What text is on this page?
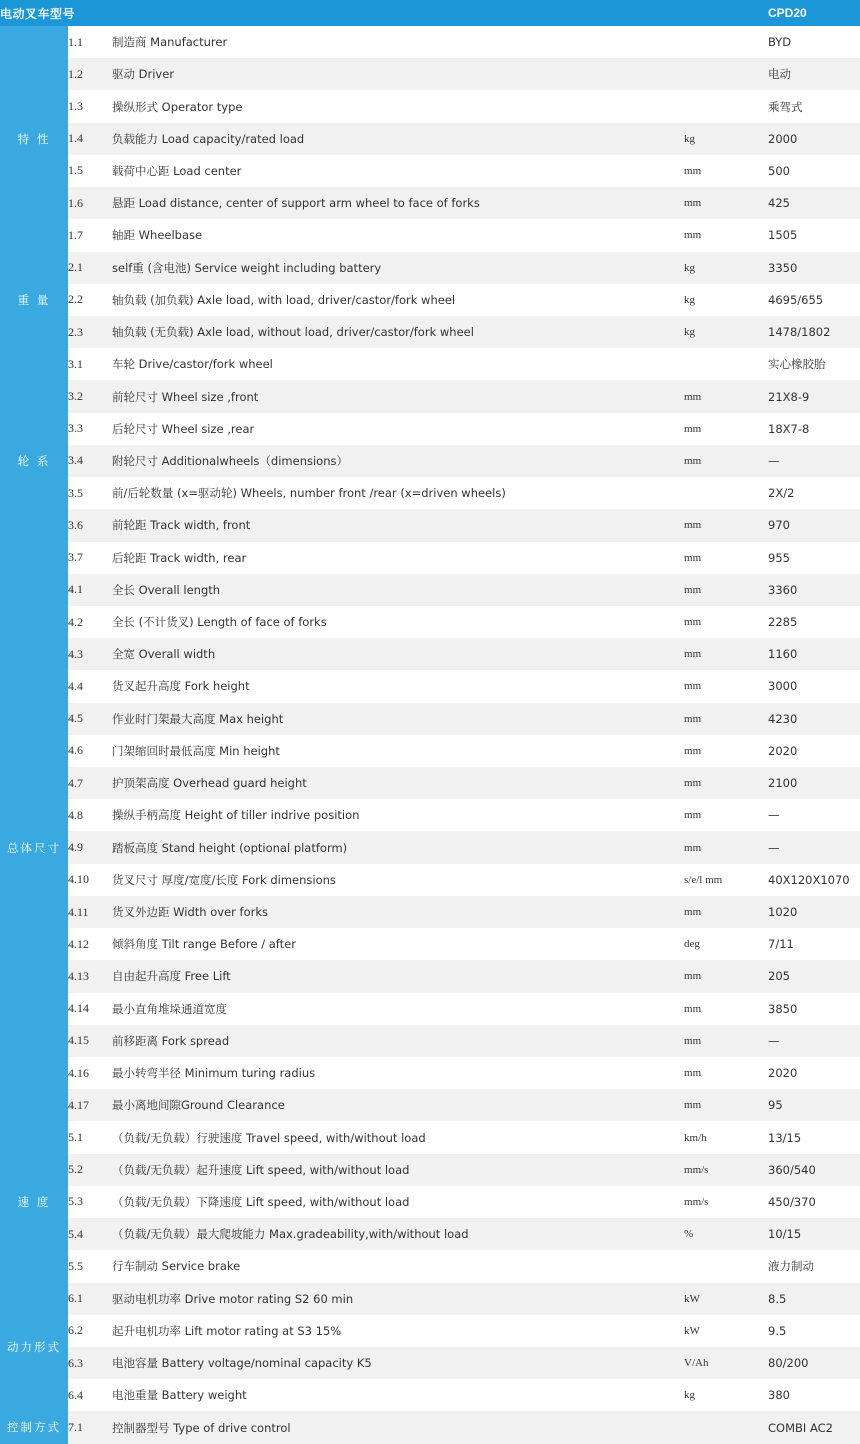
电动叉车型号				CPD20

特 性	1.1	制造商 Manufacturer		BYD
	1.2	驱动 Driver		电动
	1.3	操纵形式 Operator type		乘驾式
	1.4	负载能力 Load capacity/rated load	kg	2000
	1.5	载荷中心距 Load center	mm	500
	1.6	悬距 Load distance, center of support arm wheel to face of forks	mm	425
	1.7	轴距 Wheelbase	mm	1505

重 量	2.1	self重 (含电池) Service weight including battery	kg	3350
	2.2	轴负载 (加负载) Axle load, with load, driver/castor/fork wheel	kg	4695/655
	2.3	轴负载 (无负载) Axle load, without load, driver/castor/fork wheel	kg	1478/1802

轮 系	3.1	车轮 Drive/castor/fork wheel		实心橡胶胎
	3.2	前轮尺寸 Wheel size ,front	mm	21X8-9
	3.3	后轮尺寸 Wheel size ,rear	mm	18X7-8
	3.4	附轮尺寸 Additionalwheels（dimensions）	mm	—
	3.5	前/后轮数量 (x=驱动轮) Wheels, number front /rear (x=driven wheels)		2X/2
	3.6	前轮距 Track width, front	mm	970
	3.7	后轮距 Track width, rear	mm	955

总体尺寸	4.1	全长 Overall length	mm	3360
	4.2	全长 (不计货叉) Length of face of forks	mm	2285
	4.3	全宽 Overall width	mm	1160
	4.4	货叉起升高度 Fork height	mm	3000
	4.5	作业时门架最大高度 Max height	mm	4230
	4.6	门架缩回时最低高度 Min height	mm	2020
	4.7	护顶架高度 Overhead guard height	mm	2100
	4.8	操纵手柄高度 Height of tiller indrive position	mm	—
	4.9	踏板高度 Stand height (optional platform)	mm	—
	4.10	货叉尺寸 厚度/宽度/长度 Fork dimensions	s/e/l mm	40X120X1070
	4.11	货叉外边距 Width over forks	mm	1020
	4.12	倾斜角度 Tilt range Before / after	deg	7/11
	4.13	自由起升高度 Free Lift	mm	205
	4.14	最小直角堆垛通道宽度	mm	3850
	4.15	前移距离 Fork spread	mm	—
	4.16	最小转弯半径 Minimum turing radius	mm	2020
	4.17	最小离地间隙Ground Clearance	mm	95

速 度	5.1	（负载/无负载）行驶速度 Travel speed, with/without load	km/h	13/15
	5.2	（负载/无负载）起升速度 Lift speed, with/without load	mm/s	360/540
	5.3	（负载/无负载）下降速度 Lift speed, with/without load	mm/s	450/370
	5.4	（负载/无负载）最大爬坡能力 Max.gradeability,with/without load	%	10/15
	5.5	行车制动 Service brake		液力制动

动力形式	6.1	驱动电机功率 Drive motor rating S2 60 min	kW	8.5
	6.2	起升电机功率 Lift motor rating at S3 15%	kW	9.5
	6.3	电池容量 Battery voltage/nominal capacity K5	V/Ah	80/200
	6.4	电池重量 Battery weight	kg	380

控制方式	7.1	控制器型号 Type of drive control		COMBI AC2
